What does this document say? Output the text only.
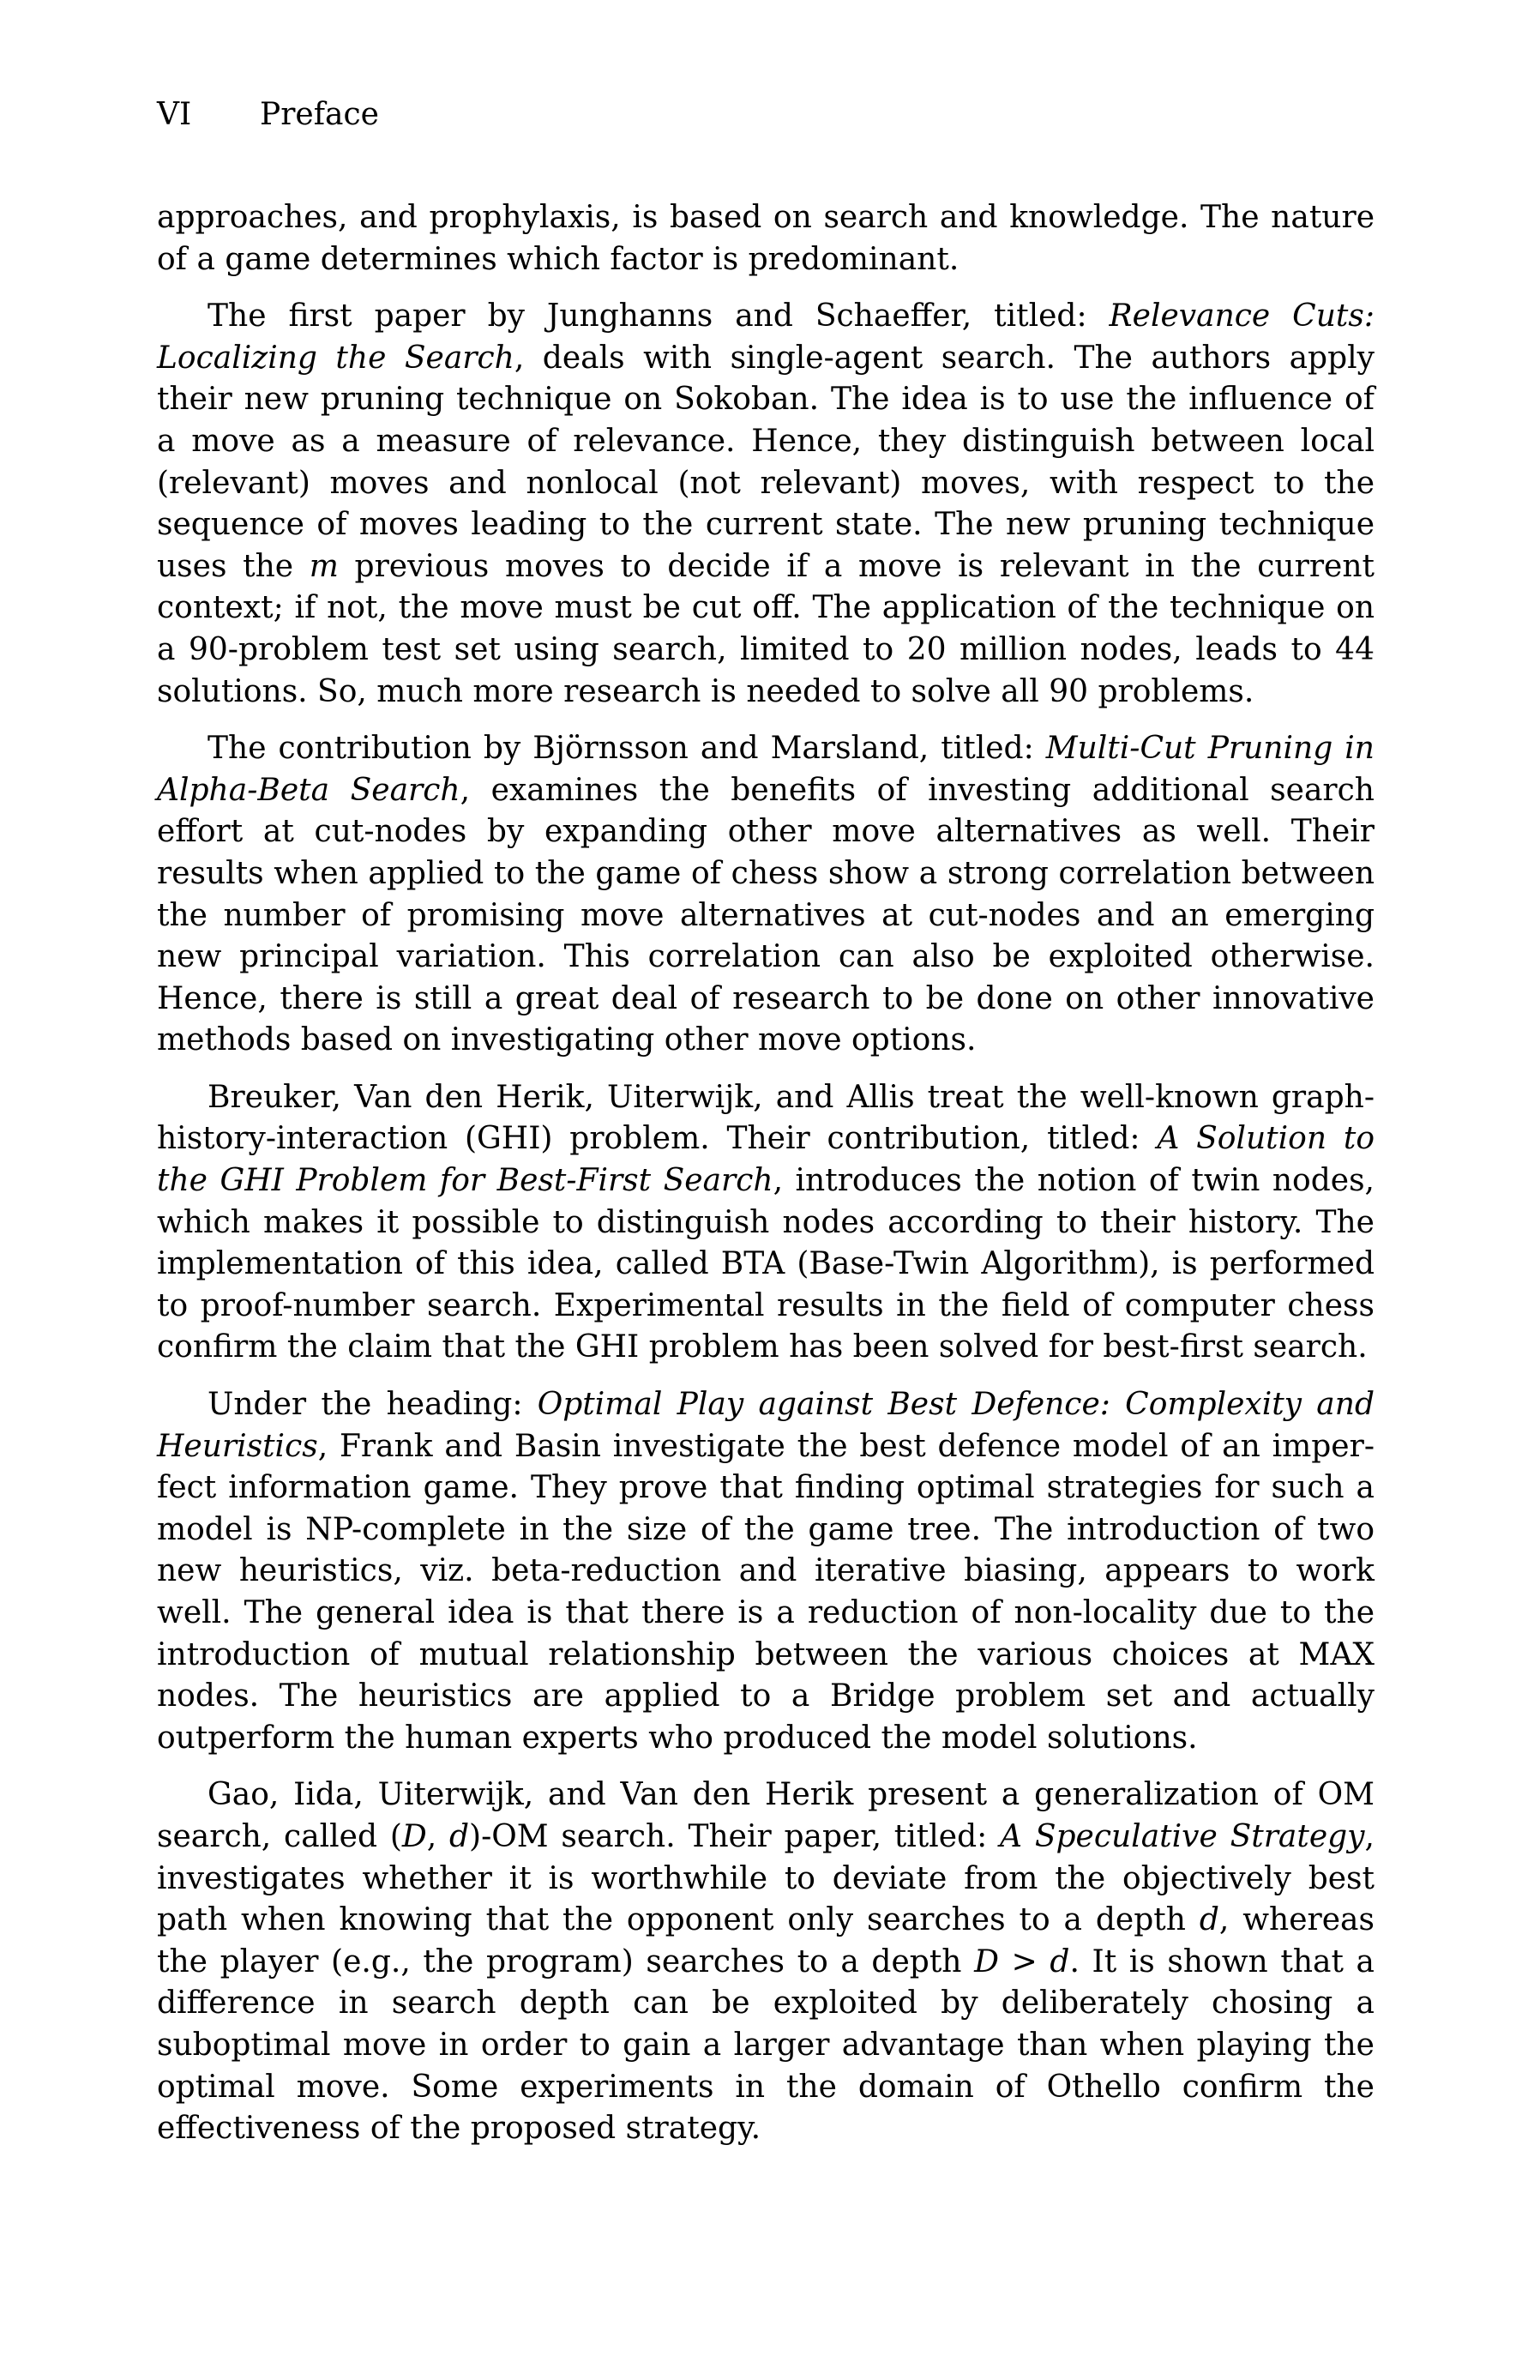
VI Preface

approaches, and prophylaxis, is based on search and knowledge. The nature of a game determines which factor is predominant.

The first paper by Junghanns and Schaeffer, titled: Relevance Cuts: Localizing the Search, deals with single-agent search. The authors apply their new pruning technique on Sokoban. The idea is to use the influence of a move as a measure of relevance. Hence, they distinguish between local (relevant) moves and nonlocal (not relevant) moves, with respect to the sequence of moves leading to the current state. The new pruning technique uses the m previous moves to decide if a move is relevant in the current context; if not, the move must be cut off. The application of the technique on a 90-problem test set using search, limited to 20 million nodes, leads to 44 solutions. So, much more research is needed to solve all 90 problems.

The contribution by Björnsson and Marsland, titled: Multi-Cut Pruning in Alpha-Beta Search, examines the benefits of investing additional search effort at cut-nodes by expanding other move alternatives as well. Their results when applied to the game of chess show a strong correlation between the number of promising move alternatives at cut-nodes and an emerging new principal variation. This correlation can also be exploited otherwise. Hence, there is still a great deal of research to be done on other innovative methods based on investigating other move options.

Breuker, Van den Herik, Uiterwijk, and Allis treat the well-known graph-history-interaction (GHI) problem. Their contribution, titled: A Solution to the GHI Problem for Best-First Search, introduces the notion of twin nodes, which makes it possible to distinguish nodes according to their history. The implementation of this idea, called BTA (Base-Twin Algorithm), is performed to proof-number search. Experimental results in the field of computer chess confirm the claim that the GHI problem has been solved for best-first search.

Under the heading: Optimal Play against Best Defence: Complexity and Heuristics, Frank and Basin investigate the best defence model of an imperfect information game. They prove that finding optimal strategies for such a model is NP-complete in the size of the game tree. The introduction of two new heuristics, viz. beta-reduction and iterative biasing, appears to work well. The general idea is that there is a reduction of non-locality due to the introduction of mutual relationship between the various choices at MAX nodes. The heuristics are applied to a Bridge problem set and actually outperform the human experts who produced the model solutions.

Gao, Iida, Uiterwijk, and Van den Herik present a generalization of OM search, called (D, d)-OM search. Their paper, titled: A Speculative Strategy, investigates whether it is worthwhile to deviate from the objectively best path when knowing that the opponent only searches to a depth d, whereas the player (e.g., the program) searches to a depth D > d. It is shown that a difference in search depth can be exploited by deliberately chosing a suboptimal move in order to gain a larger advantage than when playing the optimal move. Some experiments in the domain of Othello confirm the effectiveness of the proposed strategy.
